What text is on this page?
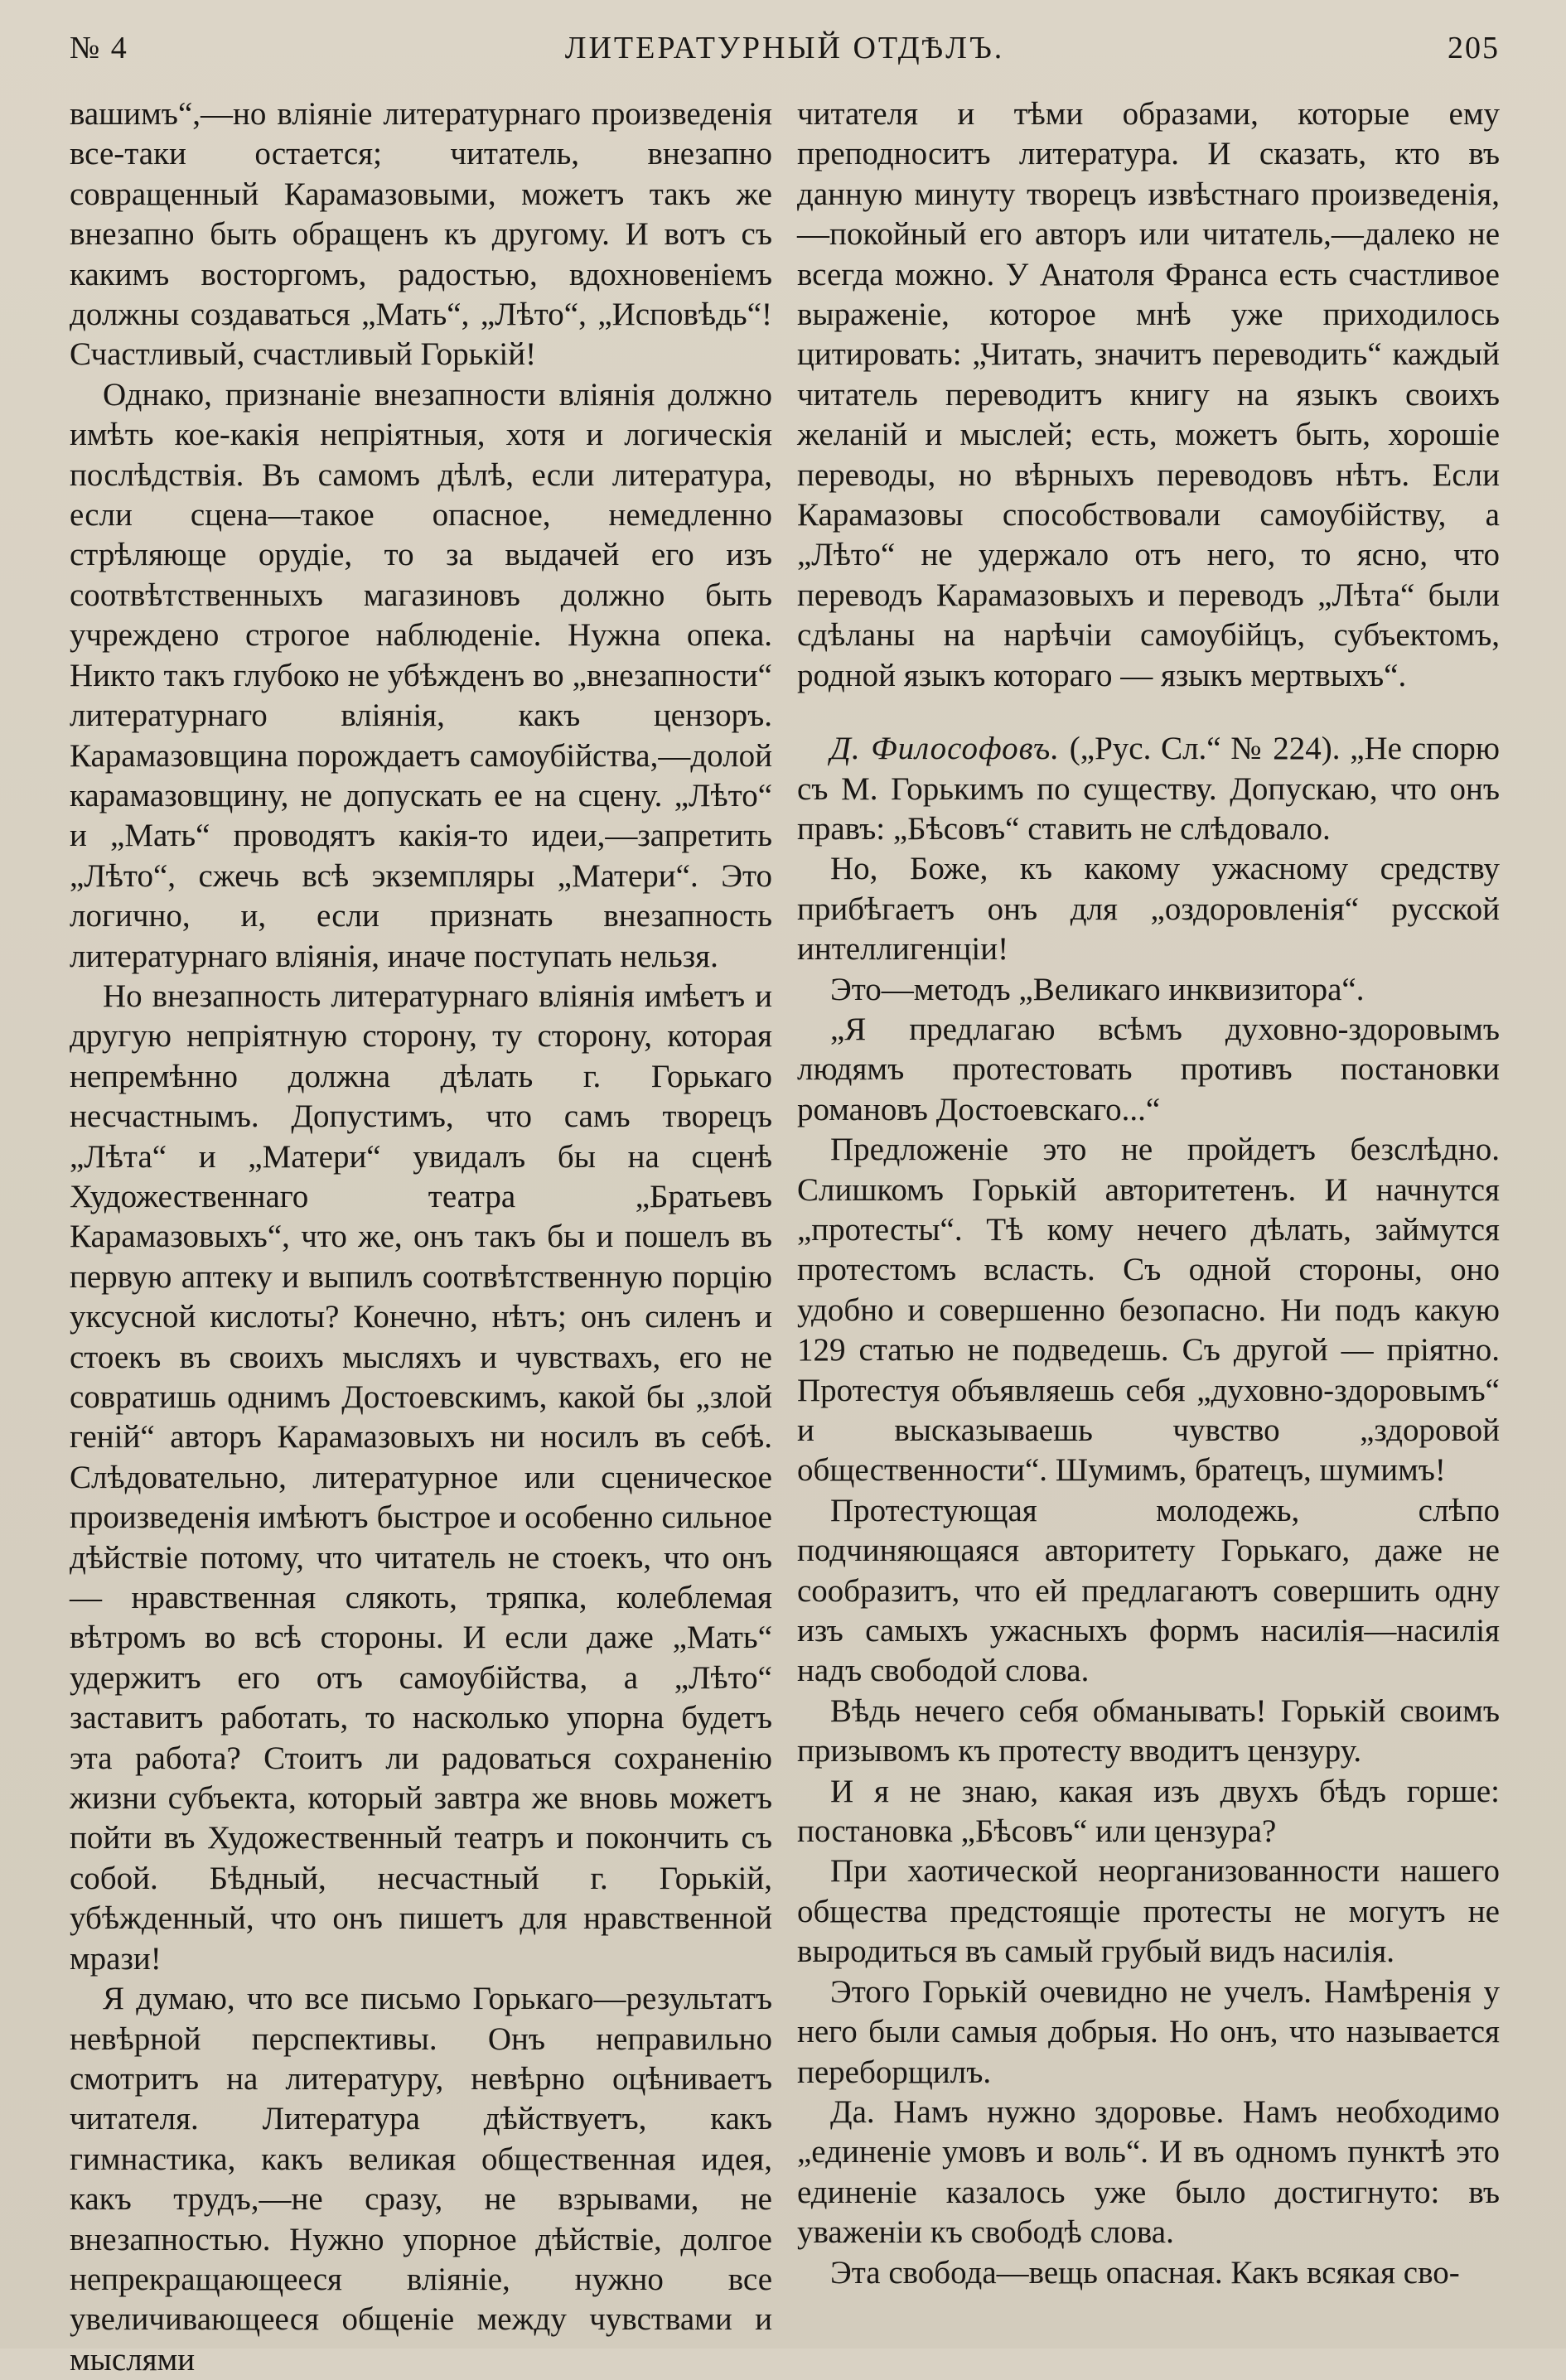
№ 4	ЛИТЕРАТУРНЫЙ ОТДѢЛЪ.	205

вашимъ“,—но вліяніе литературнаго произведенія все-таки остается; читатель, внезапно совращенный Карамазовыми, можетъ такъ же внезапно быть обращенъ къ другому. И вотъ съ какимъ восторгомъ, радостью, вдохновеніемъ должны создаваться „Мать“, „Лѣто“, „Исповѣдь“! Счастливый, счастливый Горькій!

Однако, признаніе внезапности вліянія должно имѣть кое-какія непріятныя, хотя и логическія послѣдствія. Въ самомъ дѣлѣ, если литература, если сцена—такое опасное, немедленно стрѣляюще орудіе, то за выдачей его изъ соотвѣтственныхъ магазиновъ должно быть учреждено строгое наблюденіе. Нужна опека. Никто такъ глубоко не убѣжденъ во „внезапности“ литературнаго вліянія, какъ цензоръ. Карамазовщина порождаетъ самоубійства,—долой карамазовщину, не допускать ее на сцену. „Лѣто“ и „Мать“ проводятъ какія-то идеи,—запретить „Лѣто“, сжечь всѣ экземпляры „Матери“. Это логично, и, если признать внезапность литературнаго вліянія, иначе поступать нельзя.

Но внезапность литературнаго вліянія имѣетъ и другую непріятную сторону, ту сторону, которая непремѣнно должна дѣлать г. Горькаго несчастнымъ. Допустимъ, что самъ творецъ „Лѣта“ и „Матери“ увидалъ бы на сценѣ Художественнаго театра „Братьевъ Карамазовыхъ“, что же, онъ такъ бы и пошелъ въ первую аптеку и выпилъ соотвѣтственную порцію уксусной кислоты? Конечно, нѣтъ; онъ силенъ и стоекъ въ своихъ мысляхъ и чувствахъ, его не совратишь однимъ Достоевскимъ, какой бы „злой геній“ авторъ Карамазовыхъ ни носилъ въ себѣ. Слѣдовательно, литературное или сценическое произведенія имѣютъ быстрое и особенно сильное дѣйствіе потому, что читатель не стоекъ, что онъ — нравственная слякоть, тряпка, колеблемая вѣтромъ во всѣ стороны. И если даже „Мать“ удержитъ его отъ самоубійства, а „Лѣто“ заставитъ работать, то насколько упорна будетъ эта работа? Стоитъ ли радоваться сохраненію жизни субъекта, который завтра же вновь можетъ пойти въ Художественный театръ и покончить съ собой. Бѣдный, несчастный г. Горькій, убѣжденный, что онъ пишетъ для нравственной мрази!

Я думаю, что все письмо Горькаго—результатъ невѣрной перспективы. Онъ неправильно смотритъ на литературу, невѣрно оцѣниваетъ читателя. Литература дѣйствуетъ, какъ гимнастика, какъ великая общественная идея, какъ трудъ,—не сразу, не взрывами, не внезапностью. Нужно упорное дѣйствіе, долгое непрекращающееся вліяніе, нужно все увеличивающееся общеніе между чувствами и мыслями

читателя и тѣми образами, которые ему преподноситъ литература. И сказать, кто въ данную минуту творецъ извѣстнаго произведенія,—покойный его авторъ или читатель,—далеко не всегда можно. У Анатоля Франса есть счастливое выраженіе, которое мнѣ уже приходилось цитировать: „Читать, значитъ переводить“ каждый читатель переводитъ книгу на языкъ своихъ желаній и мыслей; есть, можетъ быть, хорошіе переводы, но вѣрныхъ переводовъ нѣтъ. Если Карамазовы способствовали самоубійству, а „Лѣто“ не удержало отъ него, то ясно, что переводъ Карамазовыхъ и переводъ „Лѣта“ были сдѣланы на нарѣчіи самоубійцъ, субъектомъ, родной языкъ котораго — языкъ мертвыхъ“.

Д. Философовъ. („Рус. Сл.“ № 224). „Не спорю съ М. Горькимъ по существу. Допускаю, что онъ правъ: „Бѣсовъ“ ставить не слѣдовало.

Но, Боже, къ какому ужасному средству прибѣгаетъ онъ для „оздоровленія“ русской интеллигенціи!

Это—методъ „Великаго инквизитора“.

„Я предлагаю всѣмъ духовно-здоровымъ людямъ протестовать противъ постановки романовъ Достоевскаго...“

Предложеніе это не пройдетъ безслѣдно. Слишкомъ Горькій авторитетенъ. И начнутся „протесты“. Тѣ кому нечего дѣлать, займутся протестомъ всласть. Съ одной стороны, оно удобно и совершенно безопасно. Ни подъ какую 129 статью не подведешь. Съ другой — пріятно. Протестуя объявляешь себя „духовно-здоровымъ“ и высказываешь чувство „здоровой общественности“. Шумимъ, братецъ, шумимъ!

Протестующая молодежь, слѣпо подчиняющаяся авторитету Горькаго, даже не сообразитъ, что ей предлагаютъ совершить одну изъ самыхъ ужасныхъ формъ насилія—насилія надъ свободой слова.

Вѣдь нечего себя обманывать! Горькій своимъ призывомъ къ протесту вводитъ цензуру.

И я не знаю, какая изъ двухъ бѣдъ горше: постановка „Бѣсовъ“ или цензура?

При хаотической неорганизованности нашего общества предстоящіе протесты не могутъ не выродиться въ самый грубый видъ насилія.

Этого Горькій очевидно не учелъ. Намѣренія у него были самыя добрыя. Но онъ, что называется переборщилъ.

Да. Намъ нужно здоровье. Намъ необходимо „единеніе умовъ и воль“. И въ одномъ пунктѣ это единеніе казалось уже было достигнуто: въ уваженіи къ свободѣ слова.

Эта свобода—вещь опасная. Какъ всякая сво-
